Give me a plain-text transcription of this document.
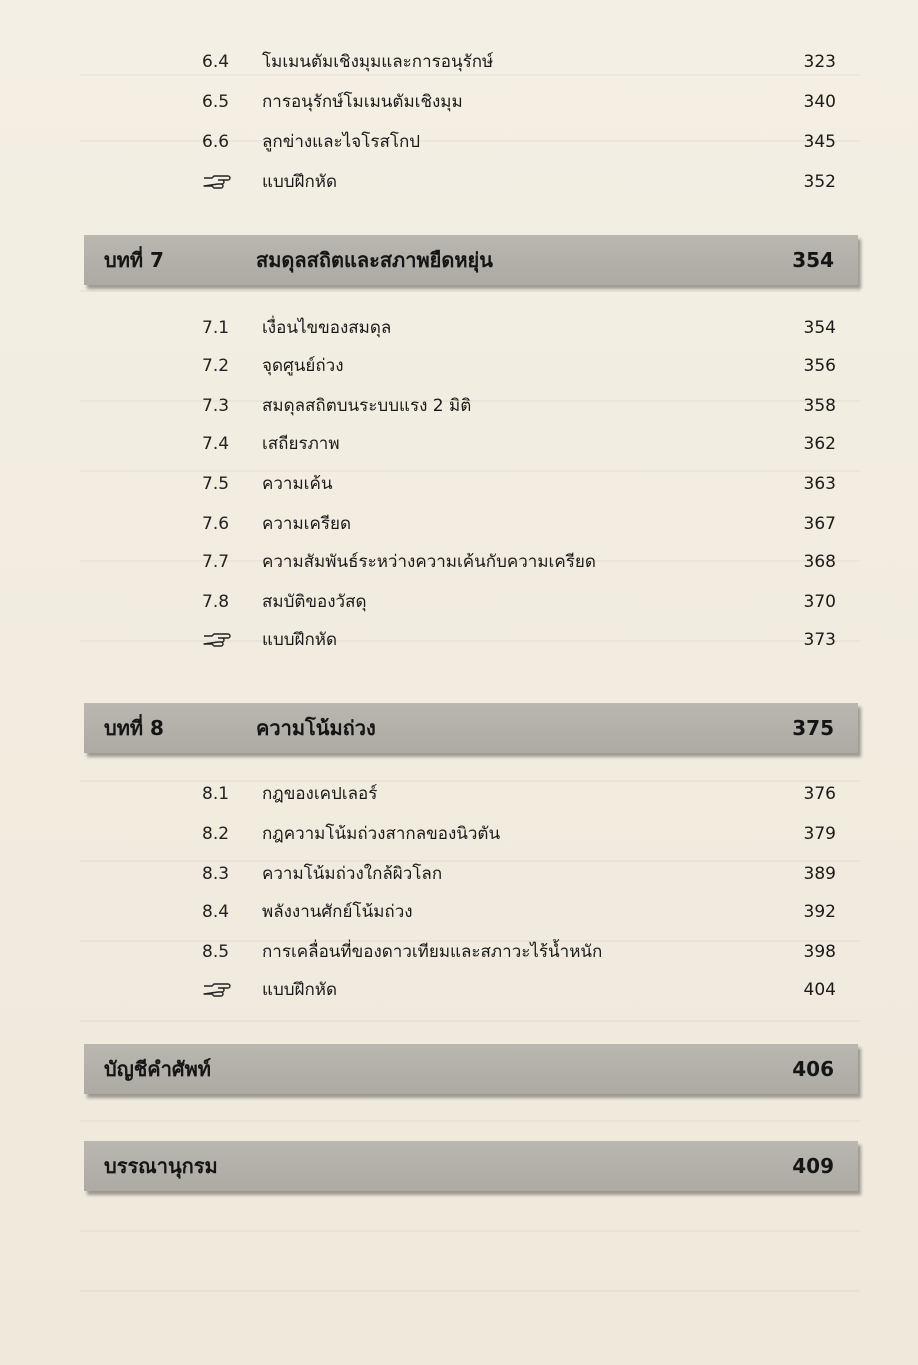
6.4 โมเมนตัมเชิงมุมและการอนุรักษ์	323
6.5 การอนุรักษ์โมเมนตัมเชิงมุม	340
6.6 ลูกข่างและไจโรสโกป	345
แบบฝึกหัด	352
บทที่ 7	สมดุลสถิตและสภาพยืดหยุ่น	354
7.1 เงื่อนไขของสมดุล	354
7.2 จุดศูนย์ถ่วง	356
7.3 สมดุลสถิตบนระบบแรง 2 มิติ	358
7.4 เสถียรภาพ	362
7.5 ความเค้น	363
7.6 ความเครียด	367
7.7 ความสัมพันธ์ระหว่างความเค้นกับความเครียด	368
7.8 สมบัติของวัสดุ	370
แบบฝึกหัด	373
บทที่ 8	ความโน้มถ่วง	375
8.1 กฎของเคปเลอร์	376
8.2 กฎความโน้มถ่วงสากลของนิวตัน	379
8.3 ความโน้มถ่วงใกล้ผิวโลก	389
8.4 พลังงานศักย์โน้มถ่วง	392
8.5 การเคลื่อนที่ของดาวเทียมและสภาวะไร้น้ำหนัก	398
แบบฝึกหัด	404
บัญชีคำศัพท์	406
บรรณานุกรม	409
